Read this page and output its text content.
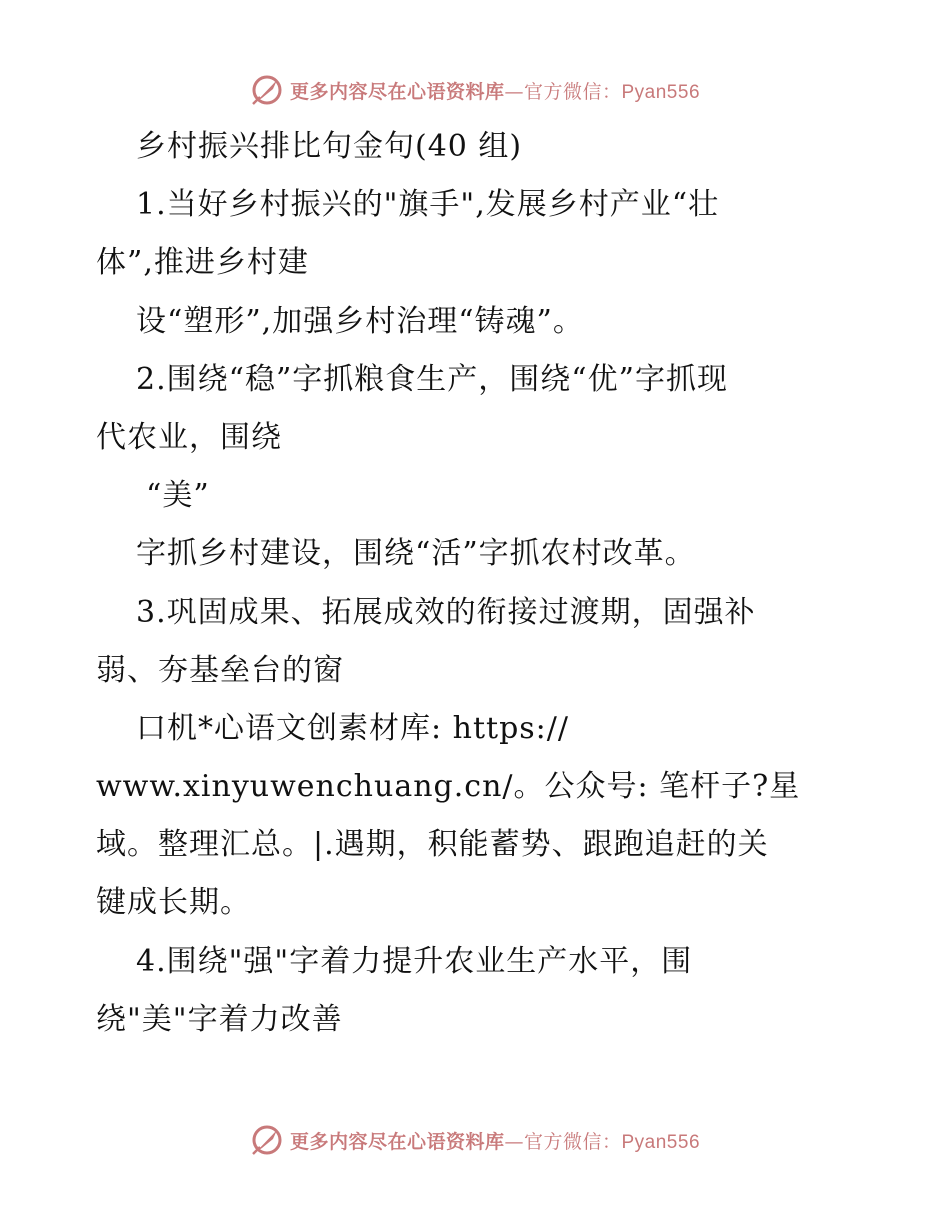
更多内容尽在心语资料库—官方微信：Pyan556
乡村振兴排比句金句(40 组)
1.当好乡村振兴的"旗手",发展乡村产业“壮
体”,推进乡村建
设“塑形”,加强乡村治理“铸魂”。
2.围绕“稳”字抓粮食生产，围绕“优”字抓现
代农业，围绕
“美”
字抓乡村建设，围绕“活”字抓农村改革。
3.巩固成果、拓展成效的衔接过渡期，固强补
弱、夯基垒台的窗
口机*心语文创素材库: https://
www.xinyuwenchuang.cn/。公众号: 笔杆子?星
域。整理汇总。|.遇期，积能蓄势、跟跑追赶的关
键成长期。
4.围绕"强"字着力提升农业生产水平，围
绕"美"字着力改善
更多内容尽在心语资料库—官方微信：Pyan556
